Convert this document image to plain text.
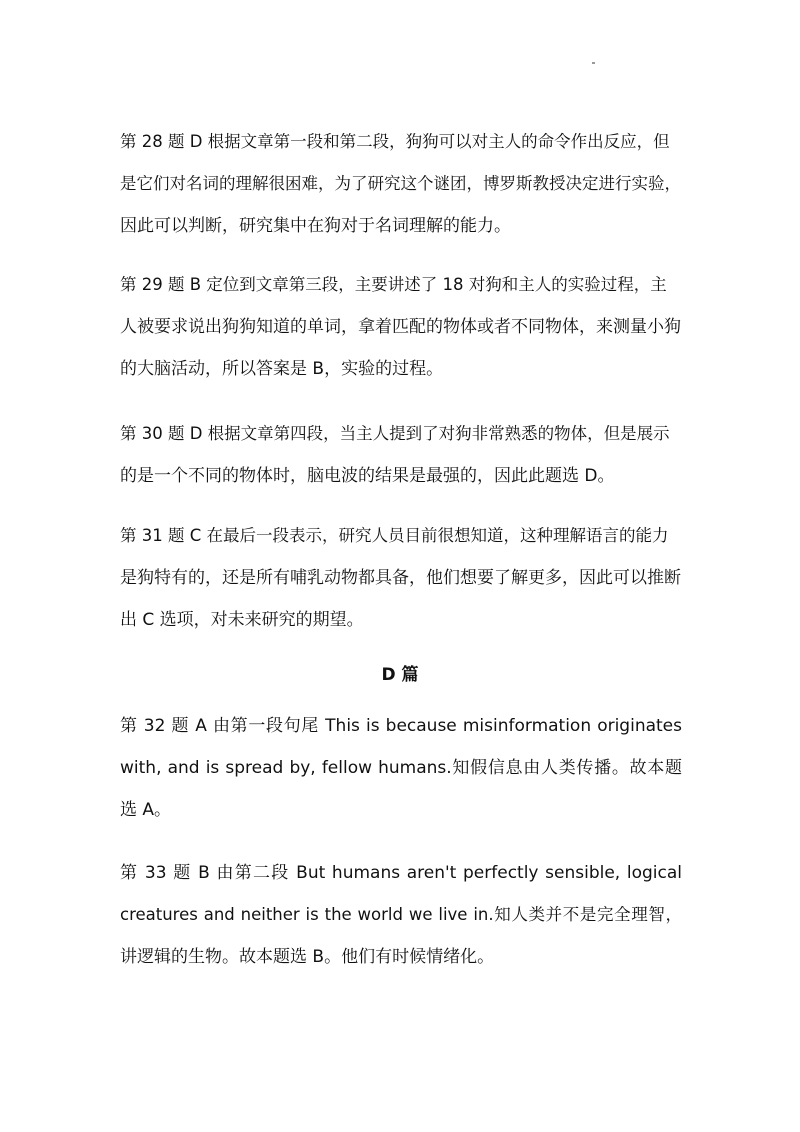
第 28 题 D 根据文章第一段和第二段，狗狗可以对主人的命令作出反应，但
是它们对名词的理解很困难，为了研究这个谜团，博罗斯教授决定进行实验，
因此可以判断，研究集中在狗对于名词理解的能力。

第 29 题 B 定位到文章第三段，主要讲述了 18 对狗和主人的实验过程，主
人被要求说出狗狗知道的单词，拿着匹配的物体或者不同物体，来测量小狗
的大脑活动，所以答案是 B，实验的过程。

第 30 题 D 根据文章第四段，当主人提到了对狗非常熟悉的物体，但是展示
的是一个不同的物体时，脑电波的结果是最强的，因此此题选 D。

第 31 题 C 在最后一段表示，研究人员目前很想知道，这种理解语言的能力
是狗特有的，还是所有哺乳动物都具备，他们想要了解更多，因此可以推断
出 C 选项，对未来研究的期望。

D 篇

第 32 题 A 由第一段句尾 This is because misinformation originates
with, and is spread by, fellow humans.知假信息由人类传播。故本题
选 A。

第 33 题 B 由第二段 But humans aren't perfectly sensible, logical
creatures and neither is the world we live in.知人类并不是完全理智，
讲逻辑的生物。故本题选 B。他们有时候情绪化。
